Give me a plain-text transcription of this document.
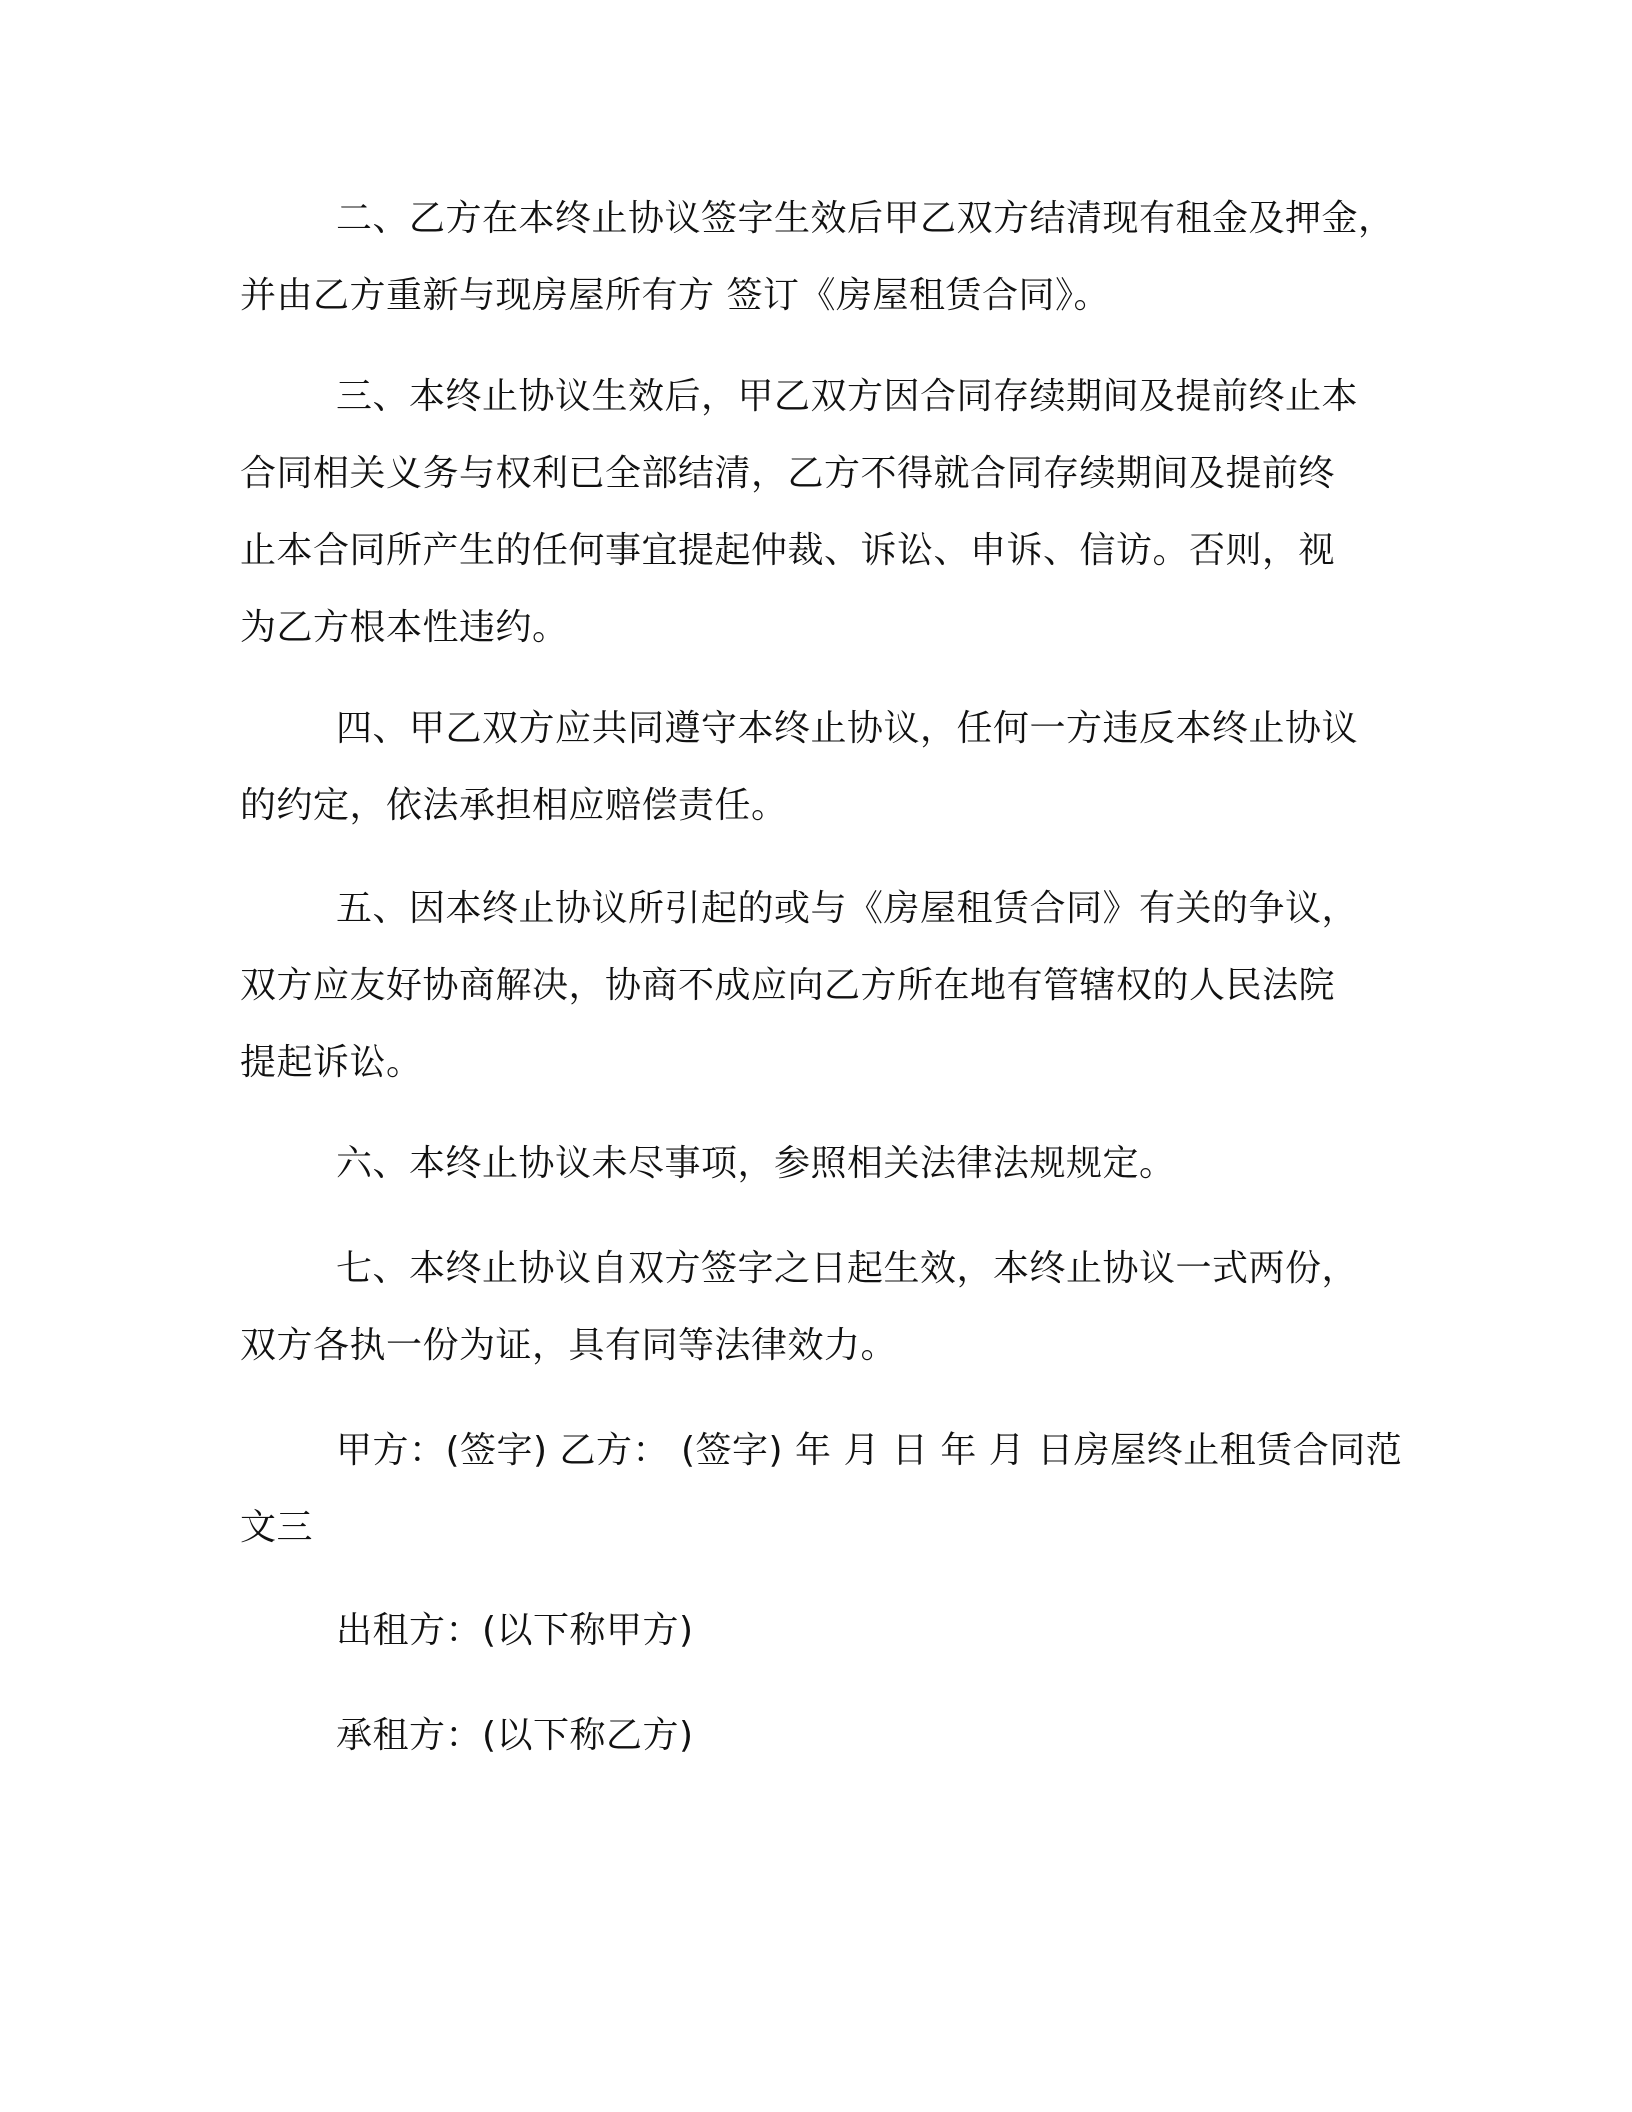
二、乙方在本终止协议签字生效后甲乙双方结清现有租金及押金，
并由乙方重新与现房屋所有方 签订《房屋租赁合同》。
三、本终止协议生效后，甲乙双方因合同存续期间及提前终止本
合同相关义务与权利已全部结清，乙方不得就合同存续期间及提前终
止本合同所产生的任何事宜提起仲裁、诉讼、申诉、信访。否则，视
为乙方根本性违约。
四、甲乙双方应共同遵守本终止协议，任何一方违反本终止协议
的约定，依法承担相应赔偿责任。
五、因本终止协议所引起的或与《房屋租赁合同》有关的争议，
双方应友好协商解决，协商不成应向乙方所在地有管辖权的人民法院
提起诉讼。
六、本终止协议未尽事项，参照相关法律法规规定。
七、本终止协议自双方签字之日起生效，本终止协议一式两份，
双方各执一份为证，具有同等法律效力。
甲方：(签字) 乙方： (签字) 年 月 日 年 月 日房屋终止租赁合同范
文三
出租方：(以下称甲方)
承租方：(以下称乙方)
